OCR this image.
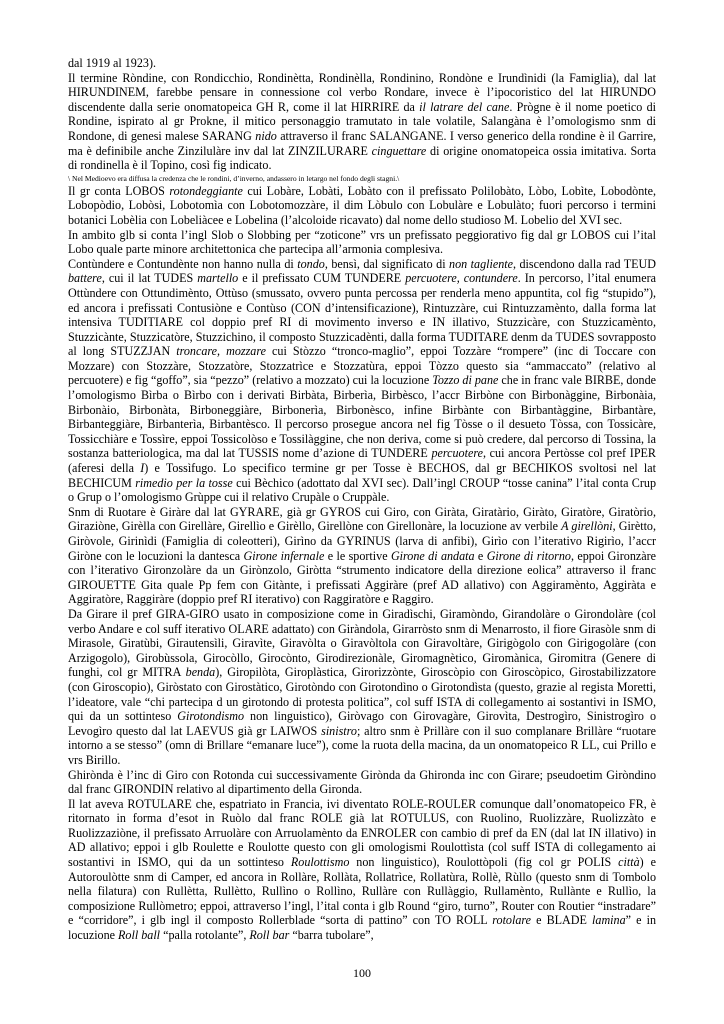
dal 1919 al 1923).

Il termine Ròndine, con Rondicchio, Rondinètta, Rondinèlla, Rondinino, Rondòne e Irundìnidi (la Famiglia), dal lat HIRUNDINEM, farebbe pensare in connessione col verbo Rondare, invece è l’ipocoristico del lat HIRUNDO discendente dalla serie onomatopeica GH R, come il lat HIRRIRE da il latrare del cane. Prògne è il nome poetico di Rondine, ispirato al gr Prokne, il mitico personaggio tramutato in tale volatile, Salangàna è l’omologismo snm di Rondone, di genesi malese SARANG nido attraverso il franc SALANGANE. I verso generico della rondine è il Garrire, ma è definibile anche Zinzilulàre inv dal lat ZINZILURARE cinguettare di origine onomatopeica ossia imitativa. Sorta di rondinella è il Topino, così fig indicato.

\ Nel Medioevo era diffusa la credenza che le rondini, d’inverno, andassero in letargo nel fondo degli stagni.\

Il gr conta LOBOS rotondeggiante cui Lobàre, Lobàti, Lobàto con il prefissato Polilobàto, Lòbo, Lobìte, Lobodònte, Lobopòdio, Lobòsi, Lobotomìa con Lobotomozzàre, il dim Lòbulo con Lobulàre e Lobulàto; fuori percorso i termini botanici Lobèlia con Lobeliàcee e Lobelina (l’alcoloide ricavato) dal nome dello studioso M. Lobelio del XVI sec.

In ambito glb si conta l’ingl Slob o Slobbing per “zoticone” vrs un prefissato peggiorativo fig dal gr LOBOS cui l’ital Lobo quale parte minore architettonica che partecipa all’armonia complesiva.

Contùndere e Contundènte non hanno nulla di tondo, bensì, dal significato di non tagliente, discendono dalla rad TEUD battere, cui il lat TUDES martello e il prefissato CUM TUNDERE percuotere, contundere. In percorso, l’ital enumera Ottùndere con Ottundimènto, Ottùso (smussato, ovvero punta percossa per renderla meno appuntita, col fig “stupido”), ed ancora i prefissati Contusiòne e Contùso (CON d’intensificazione), Rintuzzàre, cui Rintuzzamènto, dalla forma lat intensiva TUDITIARE col doppio pref RI di movimento inverso e IN illativo, Stuzzicàre, con Stuzzicamènto, Stuzzicànte, Stuzzicatòre, Stuzzichino, il composto Stuzzicadènti, dalla forma TUDITARE denm da TUDES sovrapposto al long STUZZJAN troncare, mozzare cui Stòzzo “tronco-maglio”, eppoi Tozzàre “rompere” (inc di Toccare con Mozzare) con Stozzàre, Stozzatòre, Stozzatrìce e Stozzatùra, eppoi Tòzzo questo sia “ammaccato” (relativo al percuotere) e fig “goffo”, sia “pezzo” (relativo a mozzato) cui la locuzione Tozzo di pane che in franc vale BIRBE, donde l’omologismo Bìrba o Bìrbo con i derivati Birbàta, Birberìa, Birbèsco, l’accr Birbòne con Birbonàggine, Birbonàia, Birbonàio, Birbonàta, Birboneggiàre, Birbonerìa, Birbonèsco, infine Birbànte con Birbantàggine, Birbantàre, Birbanteggiàre, Birbanterìa, Birbantèsco. Il percorso prosegue ancora nel fig Tòsse o il desueto Tòssa, con Tossicàre, Tossicchiàre e Tossìre, eppoi Tossicolòso e Tossilàggine, che non deriva, come si può credere, dal percorso di Tossina, la sostanza batteriologica, ma dal lat TUSSIS nome d’azione di TUNDERE percuotere, cui ancora Pertòsse col pref IPER (aferesi della I) e Tossìfugo. Lo specifico termine gr per Tosse è BECHOS, dal gr BECHIKOS svoltosi nel lat BECHICUM rimedio per la tosse cui Bèchico (adottato dal XVI sec). Dall’ingl CROUP “tosse canina” l’ital conta Crup o Grup o l’omologismo Grùppe cui il relativo Crupàle o Cruppàle.

Snm di Ruotare è Giràre dal lat GYRARE, già gr GYROS cui Giro, con Giràta, Giratàrio, Giràto, Giratòre, Giratòrio, Giraziòne, Girèlla con Girellàre, Girellìo e Girèllo, Girellòne con Girellonàre, la locuzione av verbile A girellòni, Girètto, Giròvole, Girinìdi (Famiglia di coleotteri), Girìno da GYRINUS (larva di anfibi), Girìo con l’iterativo Rigirìo, l’accr Giròne con le locuzioni la dantesca Girone infernale e le sportive Girone di andata e Girone di ritorno, eppoi Gironzàre con l’iterativo Gironzolàre da un Girònzolo, Giròtta “strumento indicatore della direzione eolica” attraverso il franc GIROUETTE Gita quale Pp fem con Gitànte, i prefissati Aggiràre (pref AD allativo) con Aggiramènto, Aggiràta e Aggiratòre, Raggiràre (doppio pref RI iterativo) con Raggiratòre e Raggiro.

Da Girare il pref GIRA-GIRO usato in composizione come in Giradìschi, Giramòndo, Girandolàre o Girondolàre (col verbo Andare e col suff iterativo OLARE adattato) con Giràndola, Girarròsto snm di Menarrosto, il fiore Girasòle snm di Mirasole, Giratùbi, Girautensìli, Giravìte, Giravòlta o Giravòltola con Giravoltàre, Girigògolo con Girigogolàre (con Arzigogolo), Girobùssola, Girocòllo, Girocònto, Girodirezionàle, Giromagnètico, Giromànica, Giromitra (Genere di funghi, col gr MITRA benda), Giropilòta, Giroplàstica, Girorizzònte, Giroscòpio con Giroscòpico, Girostabilizzatore (con Giroscopio), Giròstato con Girostàtico, Girotòndo con Girotondìno o Girotondìsta (questo, grazie al regista Moretti, l’ideatore, vale “chi partecipa d un girotondo di protesta politica”, col suff ISTA di collegamento ai sostantivi in ISMO, qui da un sottinteso Girotondismo non linguistico), Giròvago con Girovagàre, Girovìta, Destrogìro, Sinistrogìro o Levogìro questo dal lat LAEVUS già gr LAIWOS sinistro; altro snm è Prillàre con il suo complanare Brillàre “ruotare intorno a se stesso” (omn di Brillare “emanare luce”), come la ruota della macina, da un onomatopeico R LL, cui Prillo e vrs Birillo.

Ghirònda è l’inc di Giro con Rotonda cui successivamente Girònda da Ghironda inc con Girare; pseudoetim Giròndino dal franc GIRONDIN relativo al dipartimento della Gironda.

Il lat aveva ROTULARE che, espatriato in Francia, ivi diventato ROLE-ROULER comunque dall’onomatopeico FR, è ritornato in forma d’esot in Ruòlo dal franc ROLE già lat ROTULUS, con Ruolino, Ruolizzàre, Ruolizzàto e Ruolizzaziòne, il prefissato Arruolàre con Arruolamènto da ENROLER con cambio di pref da EN (dal lat IN illativo) in AD allativo; eppoi i glb Roulette e Roulotte questo con gli omologismi Roulottìsta (col suff ISTA di collegamento ai sostantivi in ISMO, qui da un sottinteso Roulottismo non linguistico), Roulottòpoli (fig col gr POLIS città) e Autoroulòtte snm di Camper, ed ancora in Rollàre, Rollàta, Rollatrìce, Rollatùra, Rollè, Rùllo (questo snm di Tombolo nella filatura) con Rullètta, Rullètto, Rullìno o Rollìno, Rullàre con Rullàggio, Rullamènto, Rullànte e Rullìo, la composizione Rullòmetro; eppoi, attraverso l’ingl, l’ital conta i glb Round “giro, turno”, Router con Routier “instradare” e “corridore”, i glb ingl il composto Rollerblade “sorta di pattino” con TO ROLL rotolare e BLADE lamina” e in locuzione Roll ball “palla rotolante”, Roll bar “barra tubolare”,

100
